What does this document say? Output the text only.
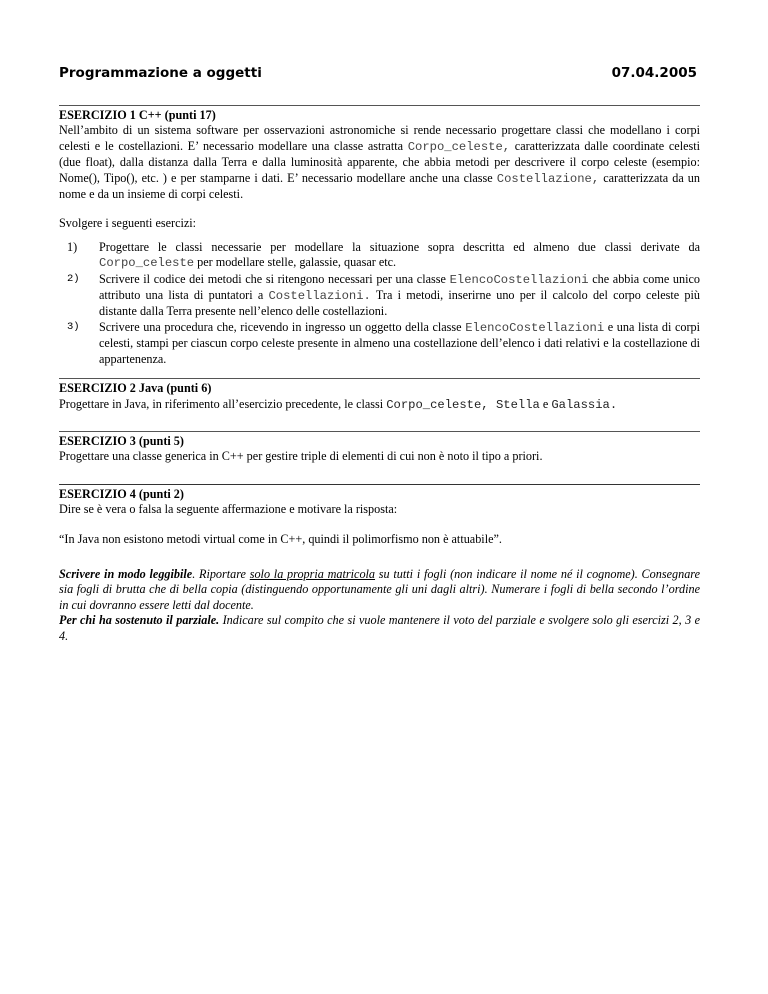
Programmazione a oggetti	07.04.2005
ESERCIZIO 1 C++ (punti 17)
Nell’ambito di un sistema software per osservazioni astronomiche si rende necessario progettare classi che modellano i corpi celesti e le costellazioni. E’ necessario modellare una classe astratta Corpo_celeste, caratterizzata dalle coordinate celesti (due float), dalla distanza dalla Terra e dalla luminosità apparente, che abbia metodi per descrivere il corpo celeste (esempio: Nome(), Tipo(), etc. ) e per stamparne i dati. E’ necessario modellare anche una classe Costellazione, caratterizzata da un nome e da un insieme di corpi celesti.
Svolgere i seguenti esercizi:
1)	Progettare le classi necessarie per modellare la situazione sopra descritta ed almeno due classi derivate da Corpo_celeste per modellare stelle, galassie, quasar etc.
2)	Scrivere il codice dei metodi che si ritengono necessari per una classe ElencoCostellazioni che abbia come unico attributo una lista di puntatori a Costellazioni. Tra i metodi, inserirne uno per il calcolo del corpo celeste più distante dalla Terra presente nell’elenco delle costellazioni.
3)	Scrivere una procedura che, ricevendo in ingresso un oggetto della classe ElencoCostellazioni e una lista di corpi celesti, stampi per ciascun corpo celeste presente in almeno una costellazione dell’elenco i dati relativi e la costellazione di appartenenza.
ESERCIZIO 2 Java (punti 6)
Progettare in Java, in riferimento all’esercizio precedente, le classi Corpo_celeste, Stella e Galassia.
ESERCIZIO 3 (punti 5)
Progettare una classe generica in C++ per gestire triple di elementi di cui non è noto il tipo a priori.
ESERCIZIO 4 (punti 2)
Dire se è vera o falsa la seguente affermazione e motivare la risposta:
“In Java non esistono metodi virtual come in C++, quindi il polimorfismo non è attuabile”.
Scrivere in modo leggibile. Riportare solo la propria matricola su tutti i fogli (non indicare il nome né il cognome). Consegnare sia fogli di brutta che di bella copia (distinguendo opportunamente gli uni dagli altri). Numerare i fogli di bella secondo l’ordine in cui dovranno essere letti dal docente.
Per chi ha sostenuto il parziale. Indicare sul compito che si vuole mantenere il voto del parziale e svolgere solo gli esercizi 2, 3 e 4.
